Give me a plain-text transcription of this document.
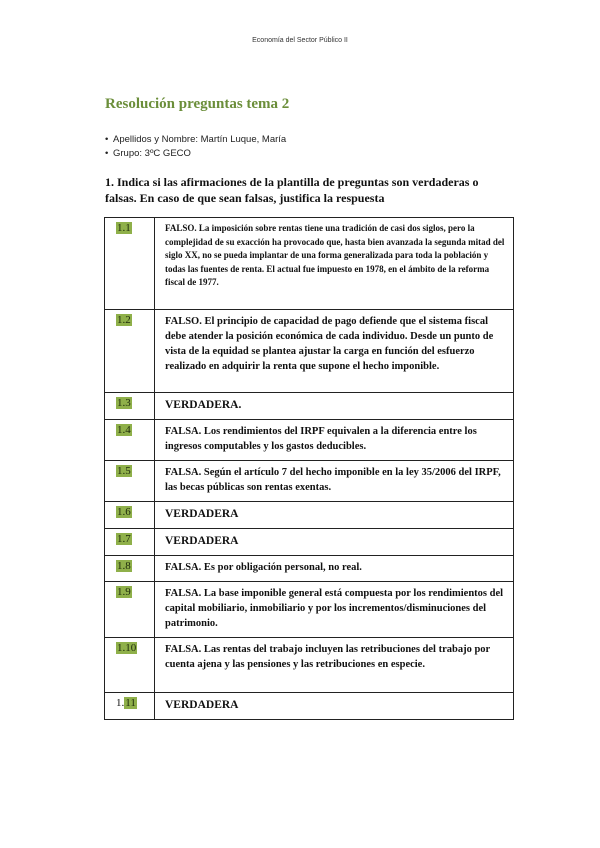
Economía del Sector Público II
Resolución preguntas tema 2
• Apellidos y Nombre: Martín Luque, María
• Grupo: 3ºC GECO
1. Indica si las afirmaciones de la plantilla de preguntas son verdaderas o falsas. En caso de que sean falsas, justifica la respuesta
1.1	FALSO. La imposición sobre rentas tiene una tradición de casi dos siglos, pero la complejidad de su exacción ha provocado que, hasta bien avanzada la segunda mitad del siglo XX, no se pueda implantar de una forma generalizada para toda la población y todas las fuentes de renta. El actual fue impuesto en 1978, en el ámbito de la reforma fiscal de 1977.
1.2	FALSO. El principio de capacidad de pago defiende que el sistema fiscal debe atender la posición económica de cada individuo. Desde un punto de vista de la equidad se plantea ajustar la carga en función del esfuerzo realizado en adquirir la renta que supone el hecho imponible.
1.3	VERDADERA.
1.4	FALSA. Los rendimientos del IRPF equivalen a la diferencia entre los ingresos computables y los gastos deducibles.
1.5	FALSA. Según el artículo 7 del hecho imponible en la ley 35/2006 del IRPF, las becas públicas son rentas exentas.
1.6	VERDADERA
1.7	VERDADERA
1.8	FALSA. Es por obligación personal, no real.
1.9	FALSA. La base imponible general está compuesta por los rendimientos del capital mobiliario, inmobiliario y por los incrementos/disminuciones del patrimonio.
1.10	FALSA. Las rentas del trabajo incluyen las retribuciones del trabajo por cuenta ajena y las pensiones y las retribuciones en especie.
1.11	VERDADERA
